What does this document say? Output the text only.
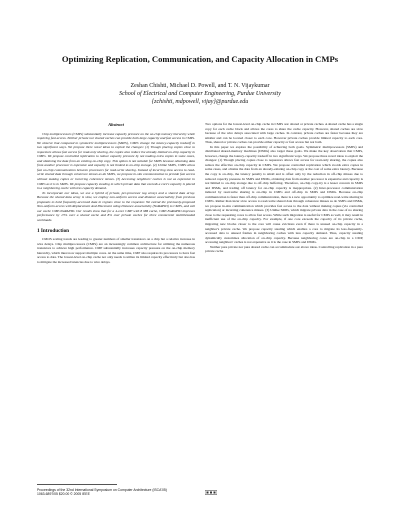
Optimizing Replication, Communication, and Capacity Allocation in CMPs
Zeshan Chishti, Michael D. Powell, and T. N. Vijaykumar
School of Electrical and Computer Engineering, Purdue University
{zchishti, mdpowell, vijay}@purdue.edu
Abstract

Chip multiprocessors (CMPs) substantially increase capacity pressure on the on-chip memory hierarchy while requiring fast access. Neither private nor shared caches can provide both large capacity and fast access in CMPs. We observe that compared to symmetric multiprocessors (SMPs), CMPs change the latency-capacity tradeoff in two significant ways. We propose three novel ideas to exploit the changes: (1) Though placing copies close to requestors allows fast access for read-only sharing, the copies also reduce the already-limited on-chip capacity in CMPs. We propose controlled replication to reduce capacity pressure by not making extra copies in some cases, and obtaining the data from an existing on-chip copy. This option is not suitable for SMPs because obtaining data from another processor is expensive and capacity is not limited to on-chip storage. (2) Unlike SMPs, CMPs allow fast on-chip communication between processors for read-write sharing. Instead of incurring slow access to read-write shared data through coherence misses as do SMPs, we propose in-situ communication to provide fast access without making copies or incurring coherence misses. (3) Accessing neighbors' caches is not as expensive in CMPs as it is in SMPs. We propose capacity stealing in which private data that exceeds a core's capacity is placed in a neighboring cache with less capacity demand.

To incorporate our ideas, we use a hybrid of private, per-processor tag arrays and a shared data array. Because the shared data array is slow, we employ non-uniform access and distance associativity from previous proposals to hold frequently-accessed data in regions close to the requestor. We extend the previously-proposed Non-uniform access with Replacement And Placement usIng Distance associativity (NuRAPID) to CMPs, and call our cache CMP-NuRAPID. Our results show that for a 4-core CMP with 8 MB cache, CMP-NuRAPID improves performance by 13% over a shared cache and 8% over private caches for three commercial multithreaded workloads.

1 Introduction

CMOS scaling trends are leading to greater numbers of smaller transistors on a chip but a relative increase in wire delays. Chip multiprocessors (CMPs) are an increasingly common architecture for utilizing the numerous transistors to achieve high performance. CMP substantially increases capacity pressure on the on-chip memory hierarchy, which must now support multiple cores. At the same time, CMP also requires its processors to have fast access to data. The lowest-level on-chip cache not only needs to utilize its limited capacity effectively but also has to mitigate the increased latencies due to wire delays.

Two options for the lowest-level on-chip cache in CMPs are: shared or private caches. A shared cache has a single copy for each cache block and allows the cores to share the cache capacity. However, shared caches are slow because of the wire delays associated with large caches. In contrast, private caches are faster because they are smaller and can be located closer to each core. However private caches provide limited capacity to each core. Thus, shared or private caches can provide either capacity or fast access but not both.

In this paper we explore the possibility of achieving both goals. Symmetric multiprocessors (SMPs) and distributed shared-memory machines (DSMs) also target these goals. We make the key observation that CMPs, however, change the latency-capacity tradeoff in two significant ways. We propose three novel ideas to exploit the changes: (1) Though placing copies close to requestors allows fast access for read-only sharing, the copies also reduce the effective on-chip capacity in CMPs. We propose controlled replication which avoids extra copies in some cases, and obtains the data from an already-existing on-chip copy at the cost of some extra latency. Because the copy is on-chip, the latency penalty is small and is offset only by the reduction in off-chip misses due to reduced capacity pressure. In SMPs and DSMs, obtaining data from another processor is expensive and capacity is not limited to on-chip storage due to off-chip buffering. Therefore, on-chip copy-ity is a lesser concern in SMPs and DSMs, and trading off latency for on-chip capacity is inappropriate. (2) Inter-processor communication induced by read-write sharing is on-chip in CMPs and off-chip in SMPs and DSMs. Because on-chip communication is faster than off-chip communication, there is a new opportunity to optimize read-write sharing in CMPs. Rather than incur slow access to read-write shared data through coherence misses as do SMPs and DSMs, we propose in-situ communication which provides fast access to the data without making copies (via controlled replication) or incurring coherence misses. (3) Unlike SMPs, which migrate private data in the case of no sharing close to the requesting cores to allow fast access. While such migration is useful for CMPs as well, it may result in inefficient use of the on-chip capacity. For example, if one core exceeds the capacity of its private cache, migrating new blocks closer to the core will cause evictions even if there is unused on-chip capacity in a neighbor's private cache. We propose capacity stealing which enables a core to migrate its less-frequently-accessed data to unused frames in neighboring caches with less capacity demand. Thus, capacity stealing dynamically customizes allocation of on-chip capacity. Because neighboring cores are on-chip in a CMP, accessing neighbors' caches is not expensive as it is the case in SMPs and DSMs.

Neither pure private nor pure shared cache can accommodate our above ideas. Controlling replication in a pure private cache

Proceedings of the 32nd International Symposium on Computer Architecture (ISCA'05)
1063-6897/05 $20.00 © 2005 IEEE
